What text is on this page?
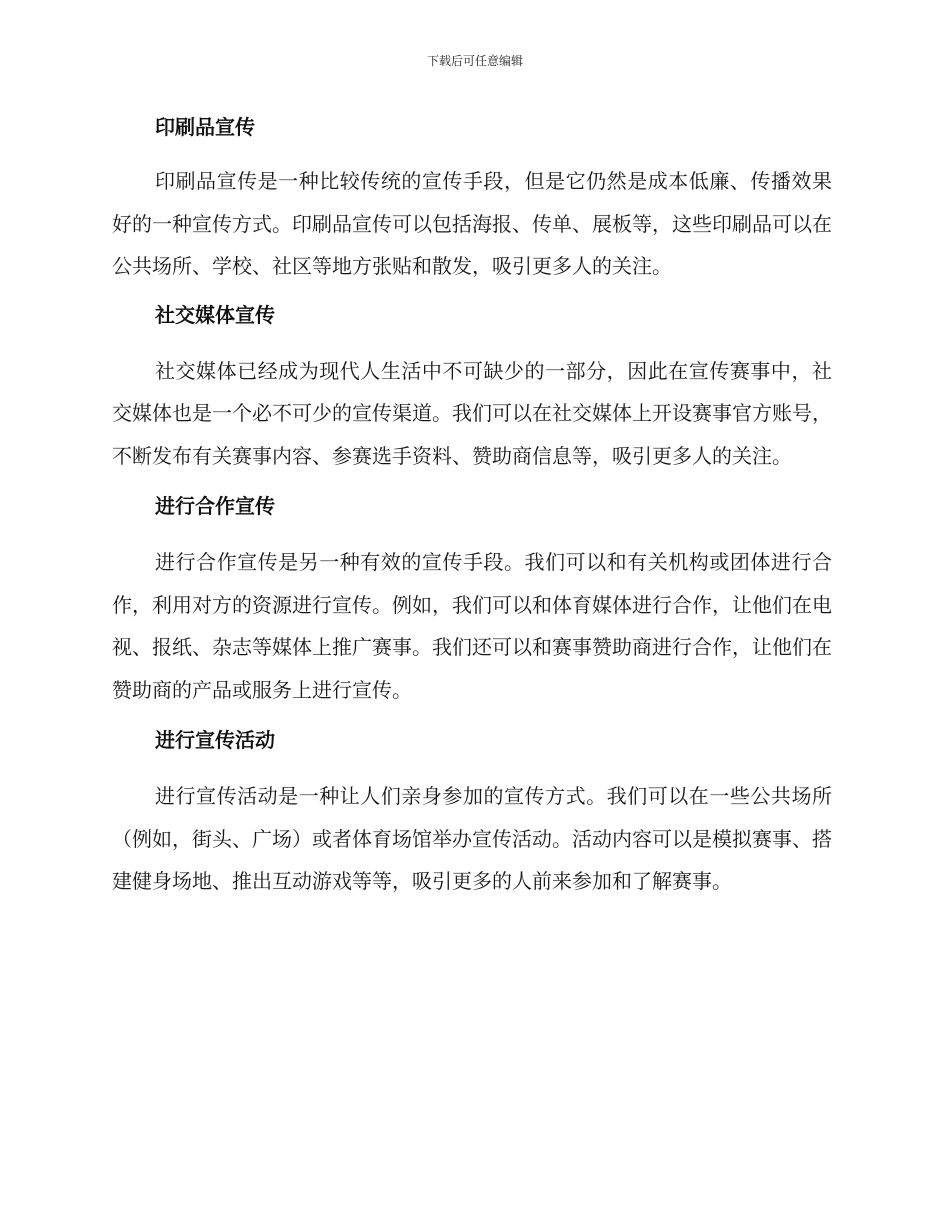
下载后可任意编辑
印刷品宣传

印刷品宣传是一种比较传统的宣传手段，但是它仍然是成本低廉、传播效果好的一种宣传方式。印刷品宣传可以包括海报、传单、展板等，这些印刷品可以在公共场所、学校、社区等地方张贴和散发，吸引更多人的关注。

社交媒体宣传

社交媒体已经成为现代人生活中不可缺少的一部分，因此在宣传赛事中，社交媒体也是一个必不可少的宣传渠道。我们可以在社交媒体上开设赛事官方账号，不断发布有关赛事内容、参赛选手资料、赞助商信息等，吸引更多人的关注。

进行合作宣传

进行合作宣传是另一种有效的宣传手段。我们可以和有关机构或团体进行合作，利用对方的资源进行宣传。例如，我们可以和体育媒体进行合作，让他们在电视、报纸、杂志等媒体上推广赛事。我们还可以和赛事赞助商进行合作，让他们在赞助商的产品或服务上进行宣传。

进行宣传活动

进行宣传活动是一种让人们亲身参加的宣传方式。我们可以在一些公共场所（例如，街头、广场）或者体育场馆举办宣传活动。活动内容可以是模拟赛事、搭建健身场地、推出互动游戏等等，吸引更多的人前来参加和了解赛事。
